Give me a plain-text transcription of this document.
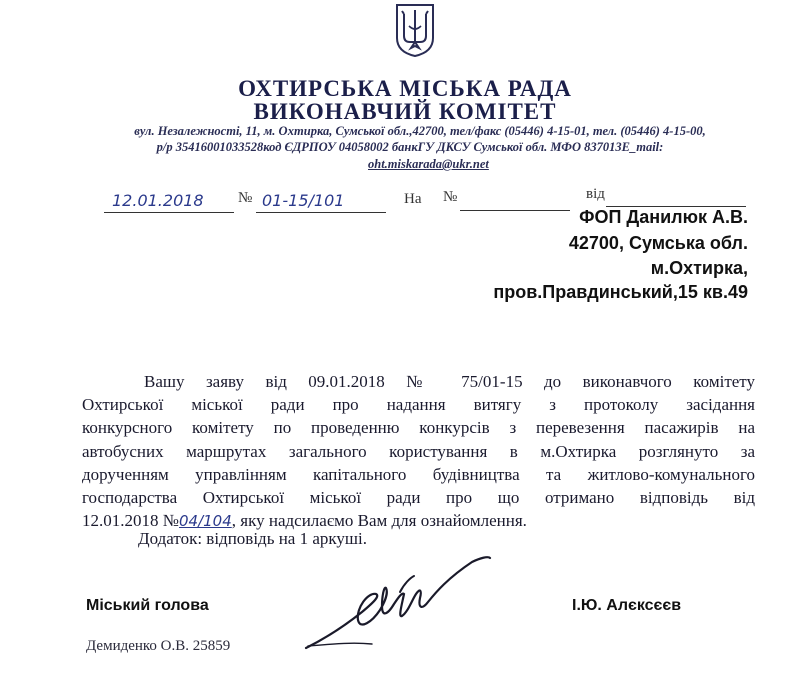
ОХТИРСЬКА МІСЬКА РАДА
ВИКОНАВЧИЙ КОМІТЕТ
вул. Незалежності, 11, м. Охтирка, Сумської обл.,42700, тел/факс (05446) 4-15-01, тел. (05446) 4-15-00,
р/р 35416001033528код ЄДРПОУ 04058002 банкГУ ДКСУ Сумської обл. МФО 837013Е_mail:
oht.miskarada@ukr.net
12.01.2018 № 01-15/101	На №	від
ФОП Данилюк А.В.
42700, Сумська обл.
м.Охтирка,
пров.Правдинський,15 кв.49
Вашу заяву від 09.01.2018 № 75/01-15 до виконавчого комітету
Охтирської міської ради про надання витягу з протоколу засідання
конкурсного комітету по проведенню конкурсів з перевезення пасажирів на
автобусних маршрутах загального користування в м.Охтирка розглянуто за
дорученням управлінням капітального будівництва та житлово-комунального
господарства Охтирської міської ради про що отримано відповідь від
12.01.2018 №04/104, яку надсилаємо Вам для ознайомлення.
Додаток: відповідь на 1 аркуші.
Міський голова	І.Ю. Алєксєєв
Демиденко О.В. 25859
